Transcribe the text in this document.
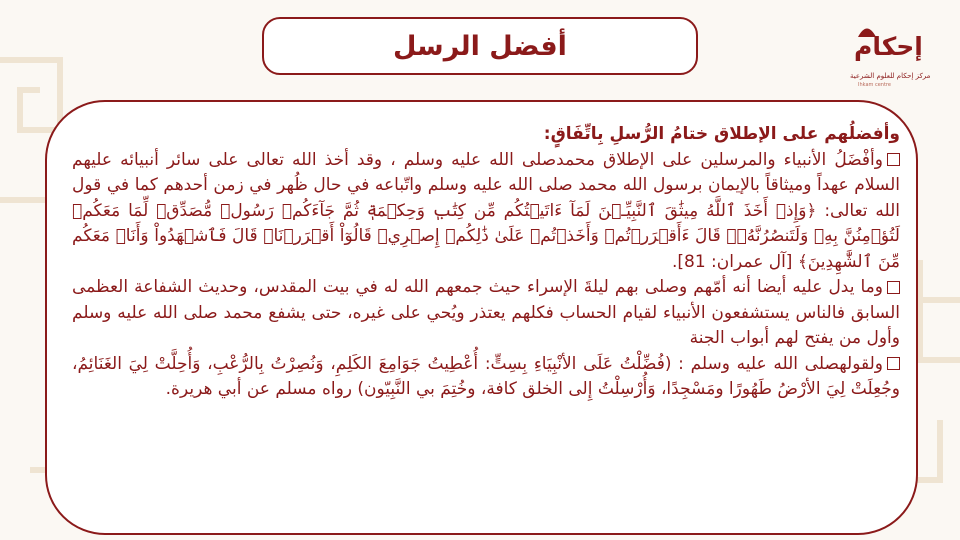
أفضل الرسل	إحكام
مركز إحكام للعلوم الشرعية
Ihkam centre

وأفضلُهم على الإطلاق ختامُ الرُّسلِ بِاتِّفَاقٍ:

وأفْضَلُ الأنبياء والمرسلين على الإطلاق محمدصلى الله عليه وسلم ، وقد أخذ الله تعالى على سائر أنبيائه عليهم السلام عهداً وميثاقاً بالإيمان برسول الله محمد صلى الله عليه وسلم واتّباعه في حال ظُهر في زمن أحدهم كما في قول الله تعالى: ﴿وَإِذۡ أَخَذَ ٱللَّهُ مِيثَٰقَ ٱلنَّبِيِّـۧنَ لَمَآ ءَاتَيۡتُكُم مِّن كِتَٰبٖ وَحِكۡمَةٖ ثُمَّ جَآءَكُمۡ رَسُولٞ مُّصَدِّقٞ لِّمَا مَعَكُمۡ لَتُؤۡمِنُنَّ بِهِۦ وَلَتَنصُرُنَّهُۥۚ قَالَ ءَأَقۡرَرۡتُمۡ وَأَخَذۡتُمۡ عَلَىٰ ذَٰلِكُمۡ إِصۡرِيۖ قَالُوٓاْ أَقۡرَرۡنَاۚ قَالَ فَٱشۡهَدُواْ وَأَنَا۠ مَعَكُم مِّنَ ٱلشَّٰهِدِينَ﴾ [آل عمران: 81].

وما يدل عليه أيضا أنه أمّهم وصلى بهم ليلةَ الإسراء حيث جمعهم الله له في بيت المقدس، وحديث الشفاعة العظمى السابق فالناس يستشفعون الأنبياء لقيام الحساب فكلهم يعتذر ويُحي على غيره، حتى يشفع محمد صلى الله عليه وسلم وأول من يفتح لهم أبواب الجنة

ولقولهصلى الله عليه وسلم : (فُضِّلْتُ عَلَى الأنْبِيَاءِ بِسِتٍّ: أُعْطِيتُ جَوَامِعَ الكَلِمِ، وَنُصِرْتُ بِالرُّعْبِ، وَأُحِلَّتْ لِيَ الغَنَائِمُ، وجُعِلَتْ لِيَ الأرْضُ طَهُورًا ومَسْجِدًا، وَأُرْسِلْتُ إِلى الخلق كافة، وخُتِمَ بي النَّبِيّون) رواه مسلم عن أبي هريرة.
